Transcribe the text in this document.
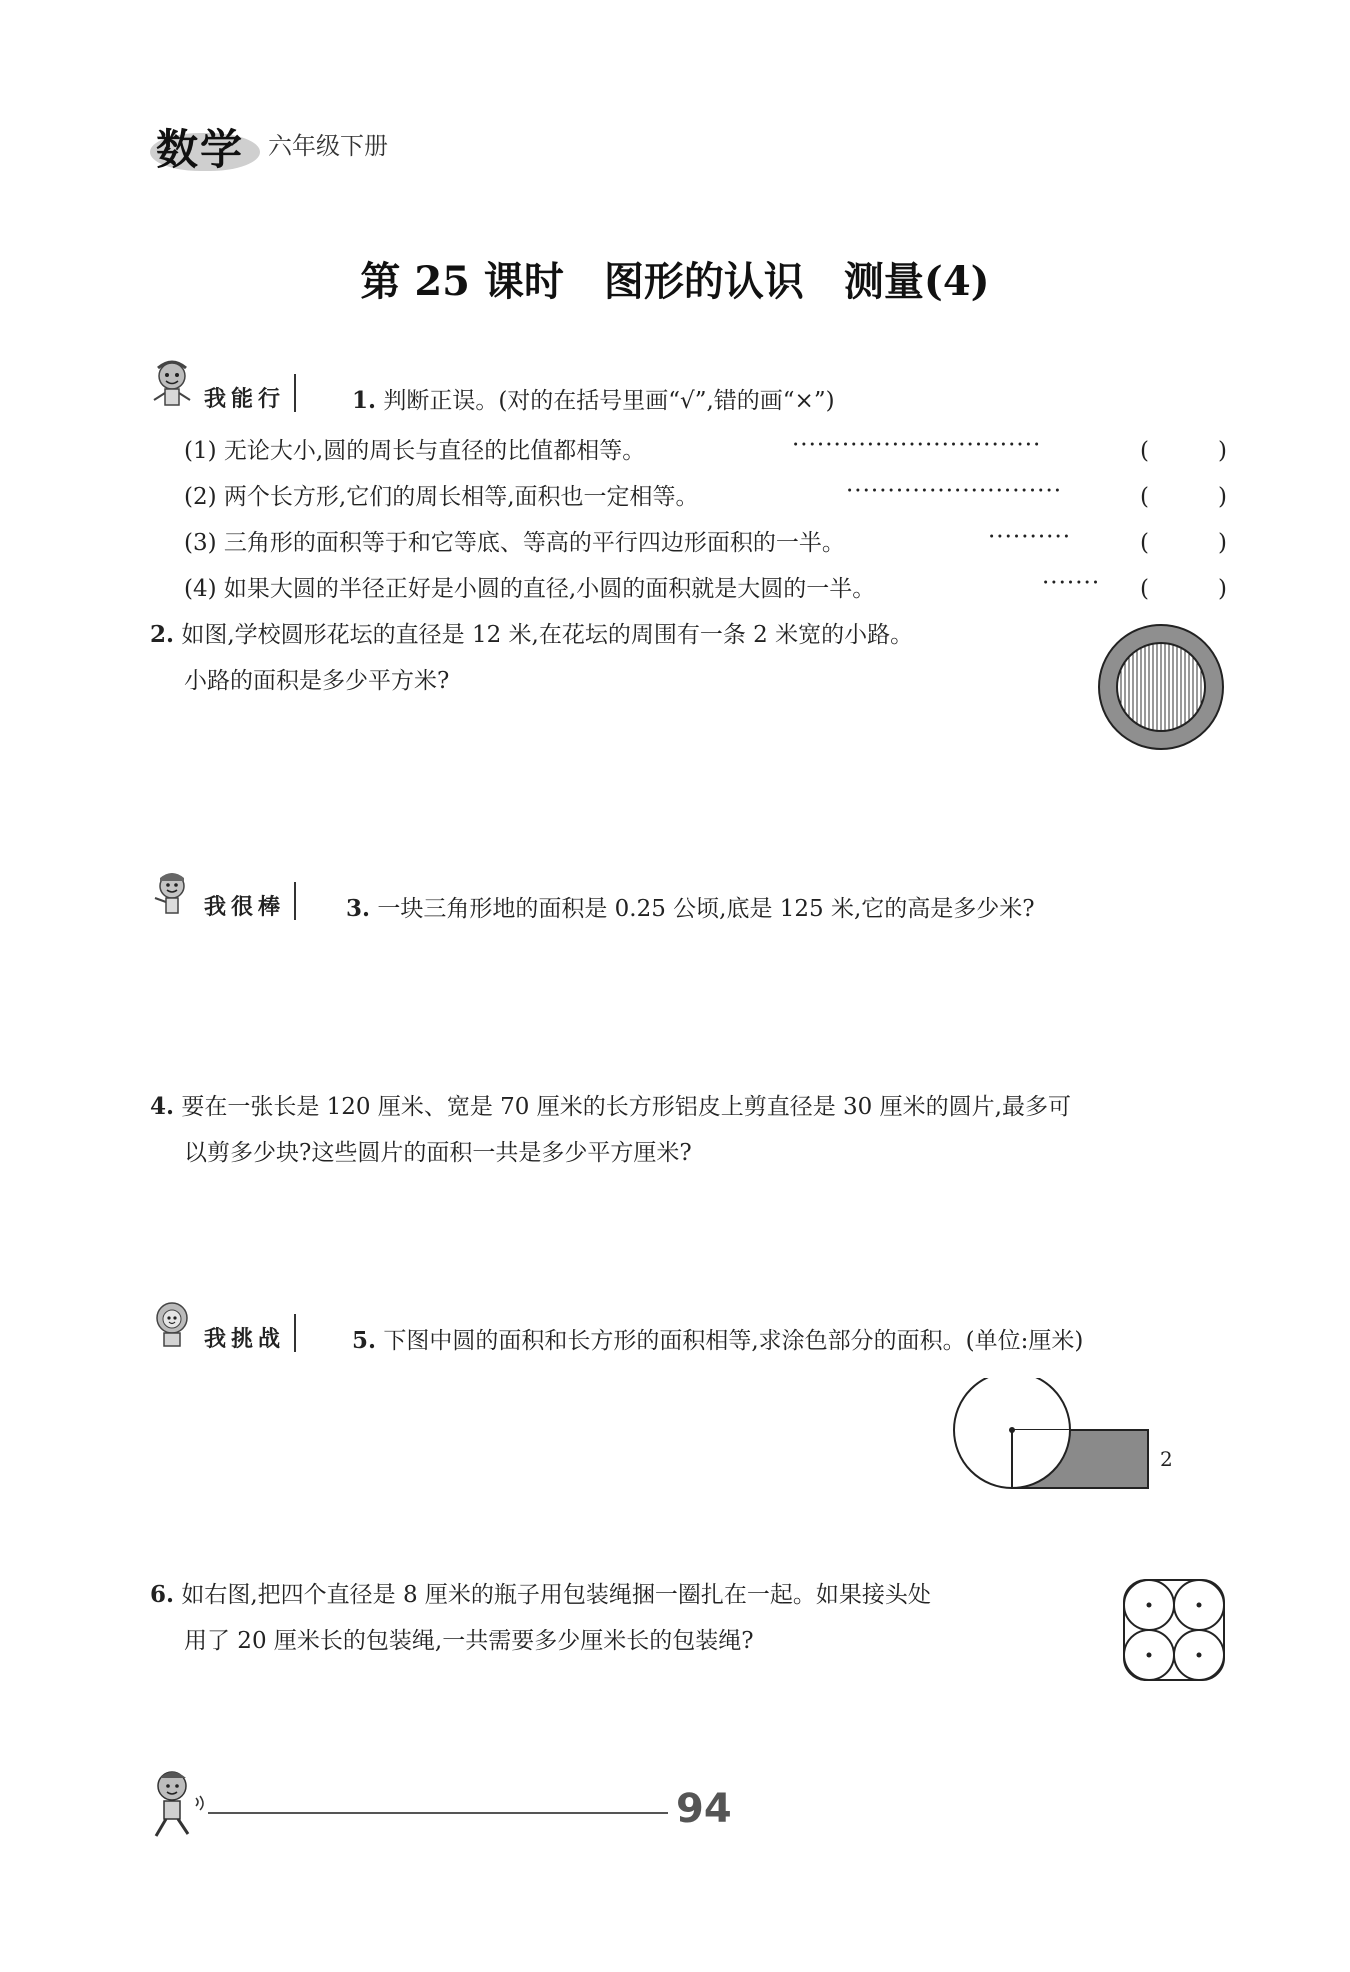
数学 六年级下册
第 25 课时　图形的认识　测量(4)
我能行	1. 判断正误。(对的在括号里画“√”,错的画“×”)
(1) 无论大小,圆的周长与直径的比值都相等。	······························	(　　　)
(2) 两个长方形,它们的周长相等,面积也一定相等。	··························	(　　　)
(3) 三角形的面积等于和它等底、等高的平行四边形面积的一半。	··········	(　　　)
(4) 如果大圆的半径正好是小圆的直径,小圆的面积就是大圆的一半。	······· (　　　)
2. 如图,学校圆形花坛的直径是 12 米,在花坛的周围有一条 2 米宽的小路。
小路的面积是多少平方米?
我很棒	3. 一块三角形地的面积是 0.25 公顷,底是 125 米,它的高是多少米?
4. 要在一张长是 120 厘米、宽是 70 厘米的长方形铝皮上剪直径是 30 厘米的圆片,最多可
以剪多少块?这些圆片的面积一共是多少平方厘米?
我挑战	5. 下图中圆的面积和长方形的面积相等,求涂色部分的面积。(单位:厘米)
2
6. 如右图,把四个直径是 8 厘米的瓶子用包装绳捆一圈扎在一起。如果接头处
用了 20 厘米长的包装绳,一共需要多少厘米长的包装绳?
94
